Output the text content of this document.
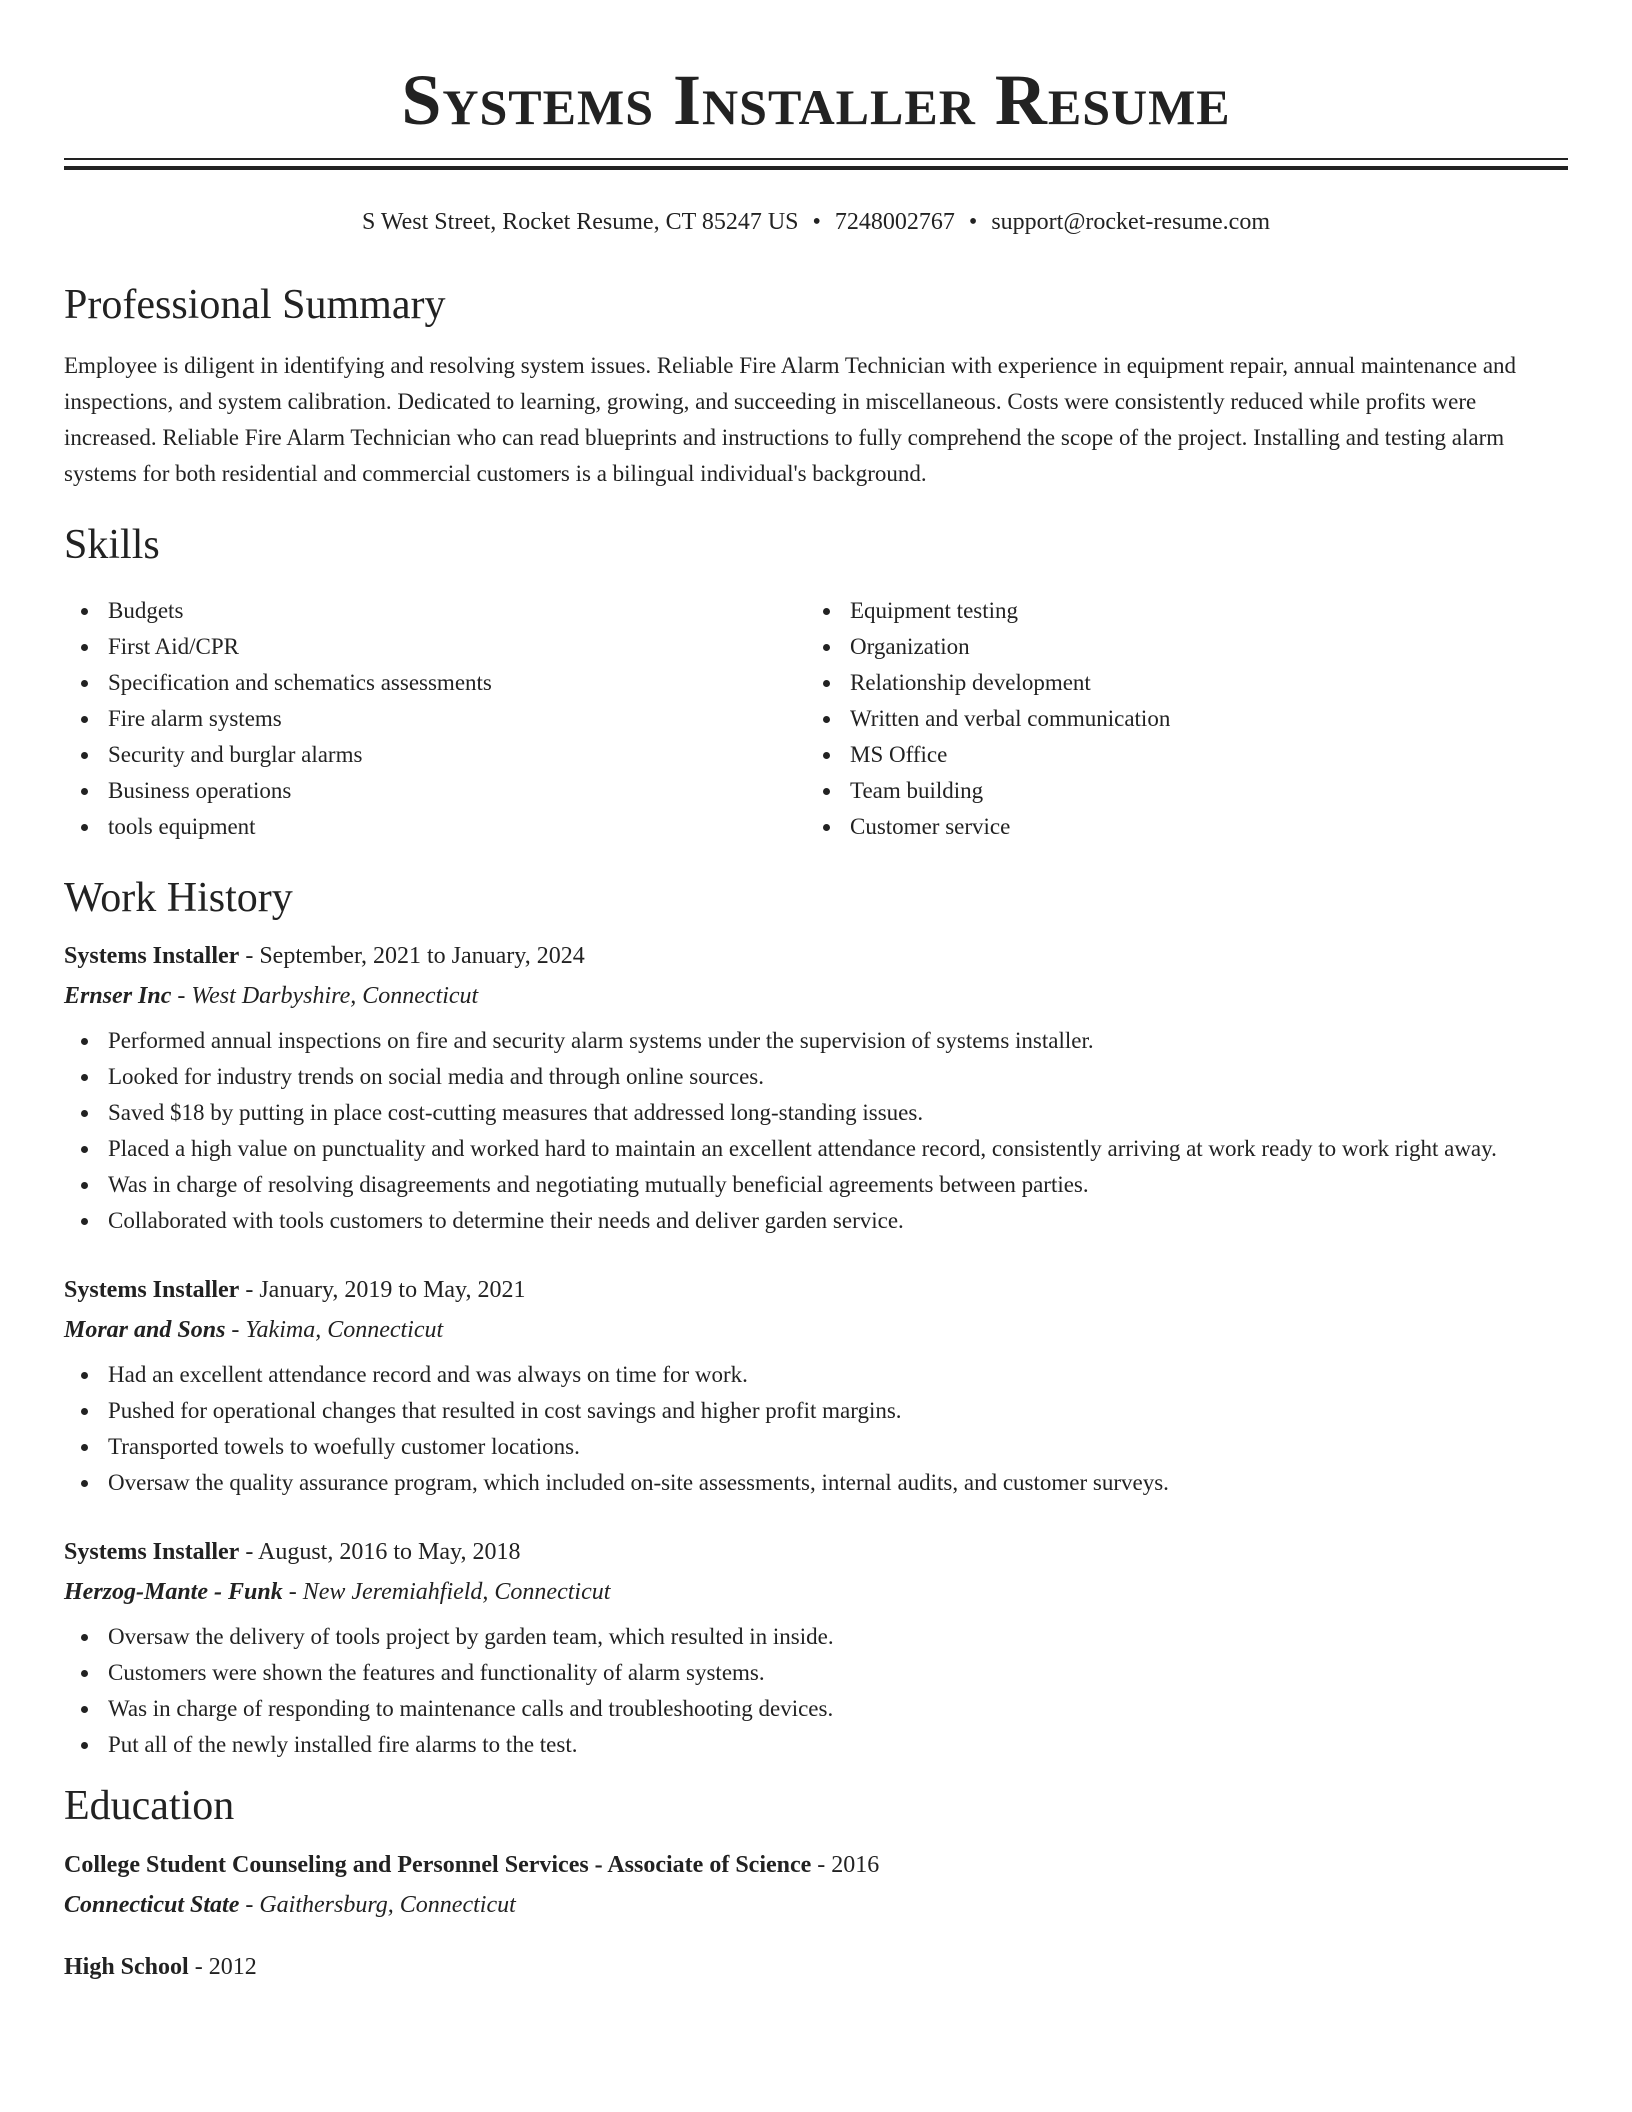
Systems Installer Resume
S West Street, Rocket Resume, CT 85247 US • 7248002767 • support@rocket-resume.com
Professional Summary

Employee is diligent in identifying and resolving system issues. Reliable Fire Alarm Technician with experience in equipment repair, annual maintenance and inspections, and system calibration. Dedicated to learning, growing, and succeeding in miscellaneous. Costs were consistently reduced while profits were increased. Reliable Fire Alarm Technician who can read blueprints and instructions to fully comprehend the scope of the project. Installing and testing alarm systems for both residential and commercial customers is a bilingual individual's background.

Skills
Budgets
First Aid/CPR
Specification and schematics assessments
Fire alarm systems
Security and burglar alarms
Business operations
tools equipment
Equipment testing
Organization
Relationship development
Written and verbal communication
MS Office
Team building
Customer service
Work History
Systems Installer - September, 2021 to January, 2024
Ernser Inc - West Darbyshire, Connecticut
Performed annual inspections on fire and security alarm systems under the supervision of systems installer.
Looked for industry trends on social media and through online sources.
Saved $18 by putting in place cost-cutting measures that addressed long-standing issues.
Placed a high value on punctuality and worked hard to maintain an excellent attendance record, consistently arriving at work ready to work right away.
Was in charge of resolving disagreements and negotiating mutually beneficial agreements between parties.
Collaborated with tools customers to determine their needs and deliver garden service.
Systems Installer - January, 2019 to May, 2021
Morar and Sons - Yakima, Connecticut
Had an excellent attendance record and was always on time for work.
Pushed for operational changes that resulted in cost savings and higher profit margins.
Transported towels to woefully customer locations.
Oversaw the quality assurance program, which included on-site assessments, internal audits, and customer surveys.
Systems Installer - August, 2016 to May, 2018
Herzog-Mante - Funk - New Jeremiahfield, Connecticut
Oversaw the delivery of tools project by garden team, which resulted in inside.
Customers were shown the features and functionality of alarm systems.
Was in charge of responding to maintenance calls and troubleshooting devices.
Put all of the newly installed fire alarms to the test.
Education
College Student Counseling and Personnel Services - Associate of Science - 2016
Connecticut State - Gaithersburg, Connecticut
High School - 2012
